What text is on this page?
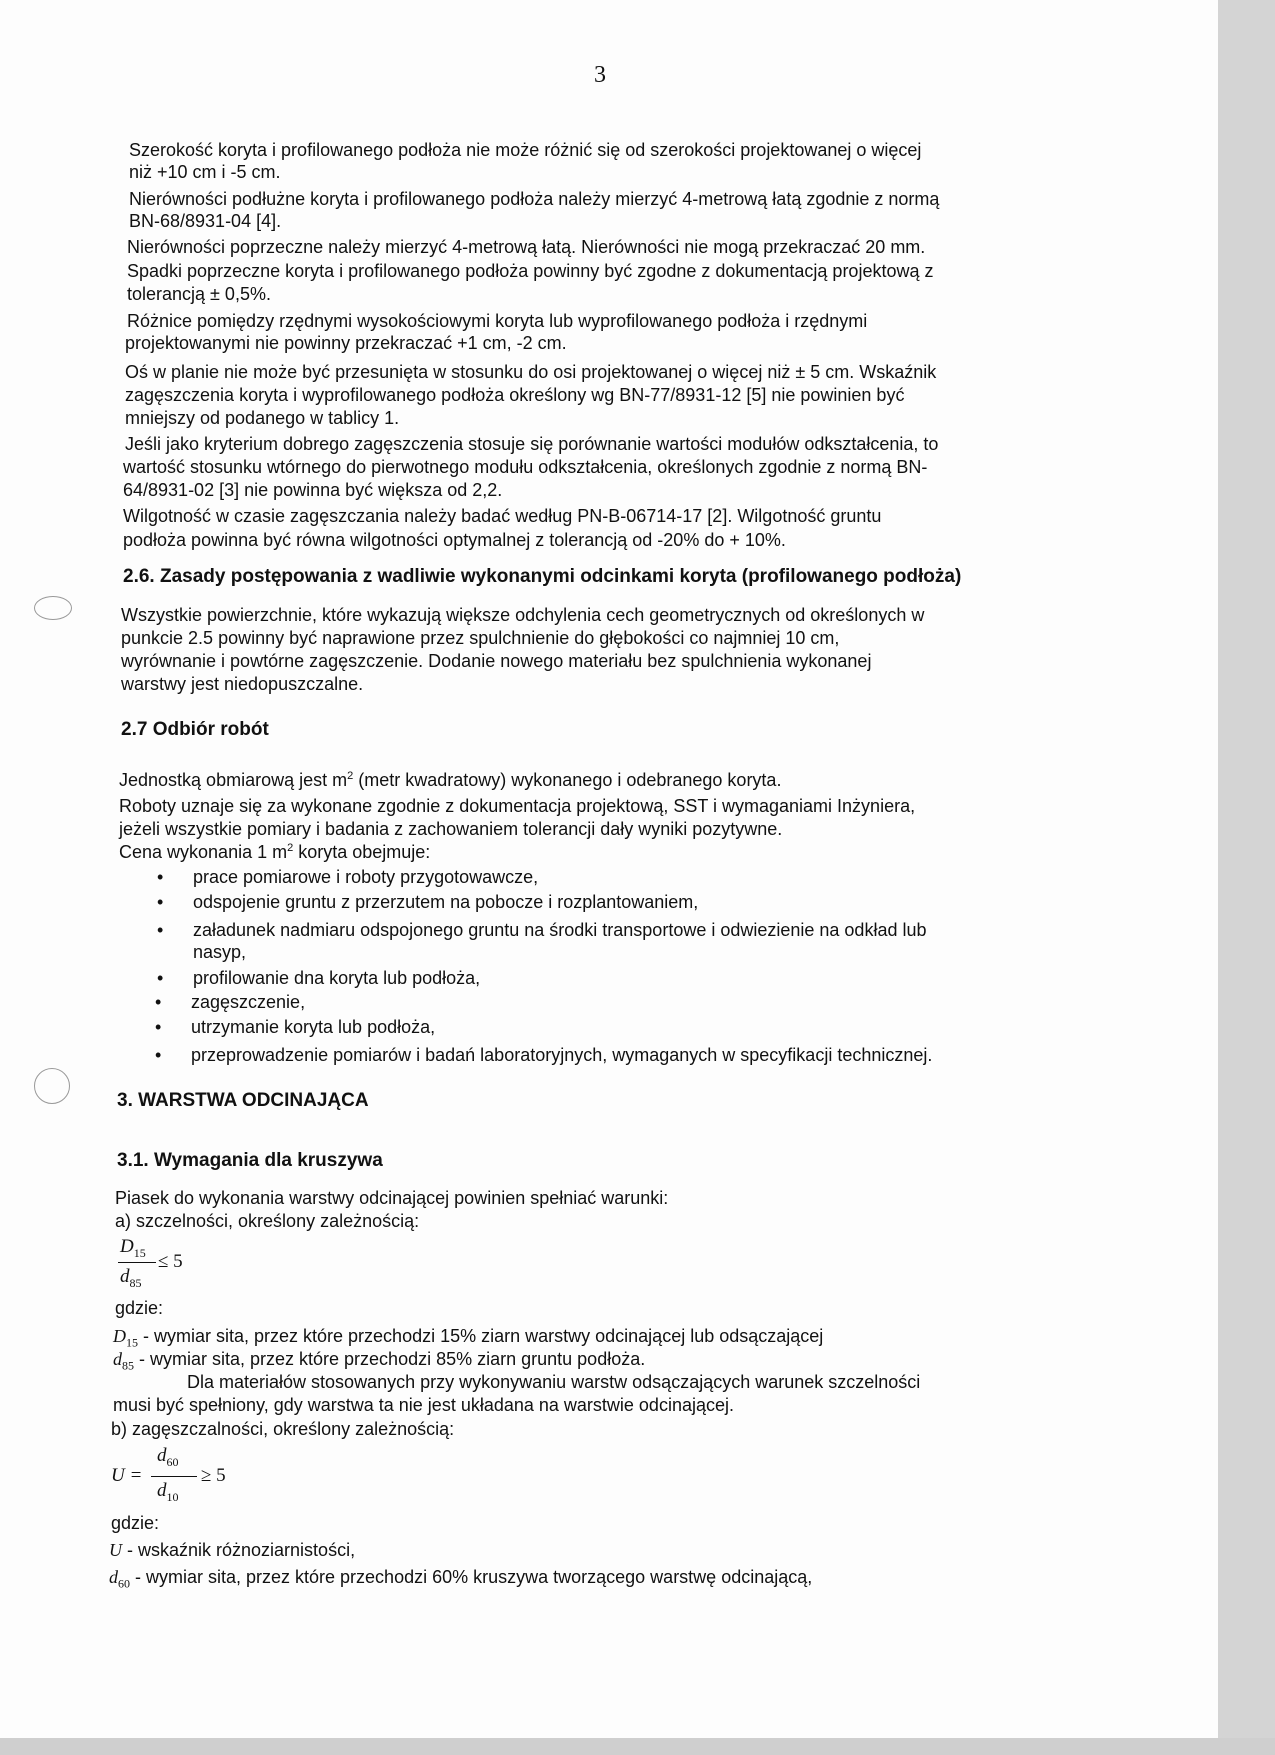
3
Szerokość koryta i profilowanego podłoża nie może różnić się od szerokości projektowanej o więcej
niż +10 cm i -5 cm.
Nierówności podłużne koryta i profilowanego podłoża należy mierzyć 4-metrową łatą zgodnie z normą
BN-68/8931-04 [4].
Nierówności poprzeczne należy mierzyć 4-metrową łatą. Nierówności nie mogą przekraczać 20 mm.
Spadki poprzeczne koryta i profilowanego podłoża powinny być zgodne z dokumentacją projektową z
tolerancją ± 0,5%.
Różnice pomiędzy rzędnymi wysokościowymi koryta lub wyprofilowanego podłoża i rzędnymi
projektowanymi nie powinny przekraczać +1 cm, -2 cm.
Oś w planie nie może być przesunięta w stosunku do osi projektowanej o więcej niż ± 5 cm. Wskaźnik
zagęszczenia koryta i wyprofilowanego podłoża określony wg BN-77/8931-12 [5] nie powinien być
mniejszy od podanego w tablicy 1.
Jeśli jako kryterium dobrego zagęszczenia stosuje się porównanie wartości modułów odkształcenia, to
wartość stosunku wtórnego do pierwotnego modułu odkształcenia, określonych zgodnie z normą BN-
64/8931-02 [3] nie powinna być większa od 2,2.
Wilgotność w czasie zagęszczania należy badać według PN-B-06714-17 [2]. Wilgotność gruntu
podłoża powinna być równa wilgotności optymalnej z tolerancją od -20% do + 10%.
2.6. Zasady postępowania z wadliwie wykonanymi odcinkami koryta (profilowanego podłoża)
Wszystkie powierzchnie, które wykazują większe odchylenia cech geometrycznych od określonych w
punkcie 2.5 powinny być naprawione przez spulchnienie do głębokości co najmniej 10 cm,
wyrównanie i powtórne zagęszczenie. Dodanie nowego materiału bez spulchnienia wykonanej
warstwy jest niedopuszczalne.
2.7 Odbiór robót
Jednostką obmiarową jest $m^2$ (metr kwadratowy) wykonanego i odebranego koryta.
Roboty uznaje się za wykonane zgodnie z dokumentacja projektową, SST i wymaganiami Inżyniera,
jeżeli wszystkie pomiary i badania z zachowaniem tolerancji dały wyniki pozytywne.
Cena wykonania 1 $m^2$ koryta obejmuje:
• prace pomiarowe i roboty przygotowawcze,
• odspojenie gruntu z przerzutem na pobocze i rozplantowaniem,
• załadunek nadmiaru odspojonego gruntu na środki transportowe i odwiezienie na odkład lub
nasyp,
• profilowanie dna koryta lub podłoża,
• zagęszczenie,
• utrzymanie koryta lub podłoża,
• przeprowadzenie pomiarów i badań laboratoryjnych, wymaganych w specyfikacji technicznej.
3. WARSTWA ODCINAJĄCA
3.1. Wymagania dla kruszywa
Piasek do wykonania warstwy odcinającej powinien spełniać warunki:
a) szczelności, określony zależnością:
$D_{15}$
$d_{85}$
≤ 5
gdzie:
$D_{15}$ - wymiar sita, przez które przechodzi 15% ziarn warstwy odcinającej lub odsączającej
$d_{85}$ - wymiar sita, przez które przechodzi 85% ziarn gruntu podłoża.
Dla materiałów stosowanych przy wykonywaniu warstw odsączających warunek szczelności
musi być spełniony, gdy warstwa ta nie jest układana na warstwie odcinającej.
b) zagęszczalności, określony zależnością:
U =
$d_{60}$
$d_{10}$
≥ 5
gdzie:
U - wskaźnik różnoziarnistości,
$d_{60}$ - wymiar sita, przez które przechodzi 60% kruszywa tworzącego warstwę odcinającą,
